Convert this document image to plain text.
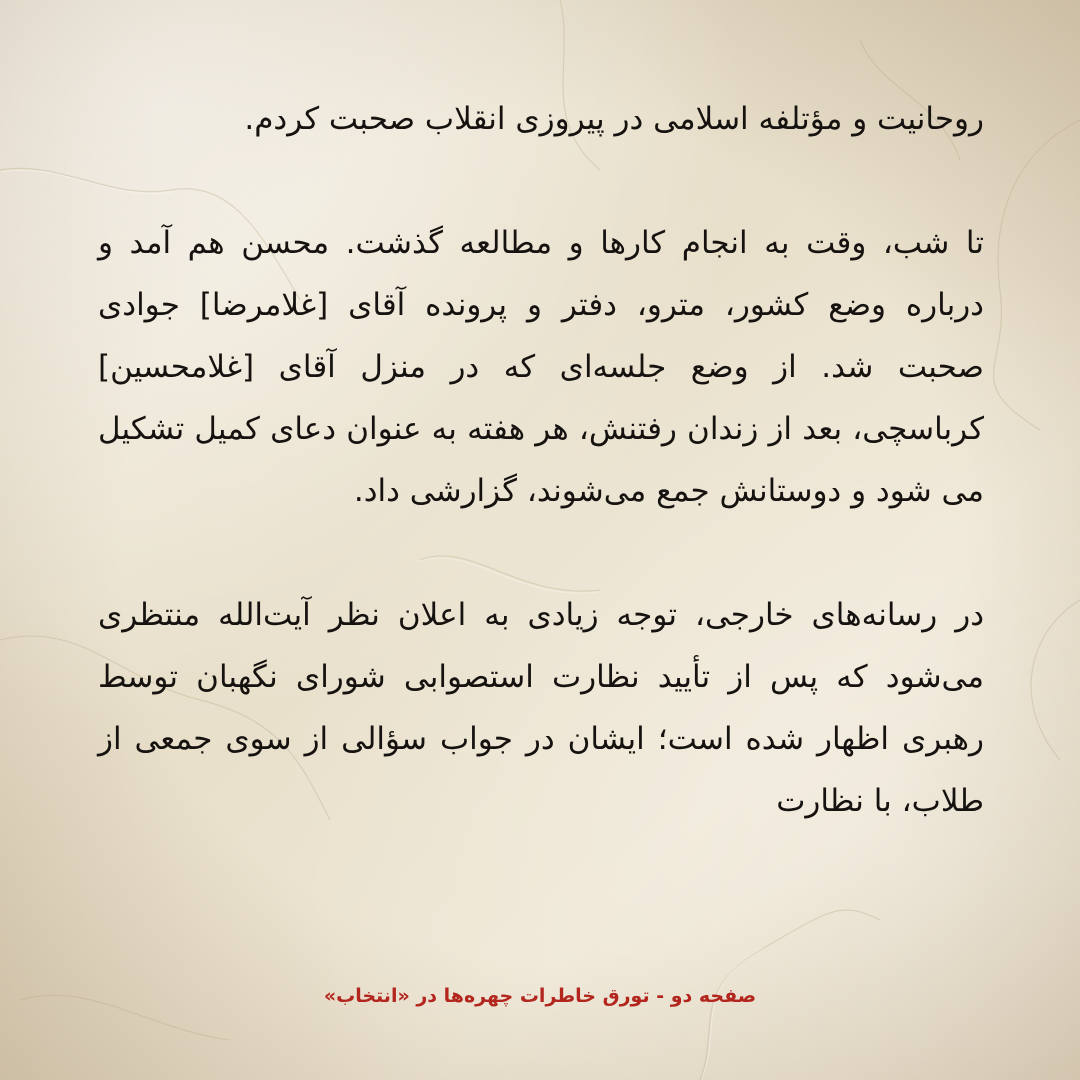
روحانیت و مؤتلفه اسلامی در پیروزی انقلاب صحبت کردم.

تا شب، وقت به انجام کارها و مطالعه گذشت. محسن هم آمد و درباره وضع کشور، مترو، دفتر و پرونده آقای [غلامرضا] جوادی صحبت شد. از وضع جلسه‌ای که در منزل آقای [غلامحسین] کرباسچی، بعد از زندان رفتنش، هر هفته به عنوان دعای کمیل تشکیل می شود و دوستانش جمع می‌شوند، گزارشی داد.

در رسانه‌های خارجی، توجه زیادی به اعلان نظر آیت‌الله منتظری می‌شود که پس از تأیید نظارت استصوابی شورای نگهبان توسط رهبری اظهار شده است؛ ایشان در جواب سؤالی از سوی جمعی از طلاب، با نظارت

صفحه دو - تورق خاطرات چهره‌ها در «انتخاب»
